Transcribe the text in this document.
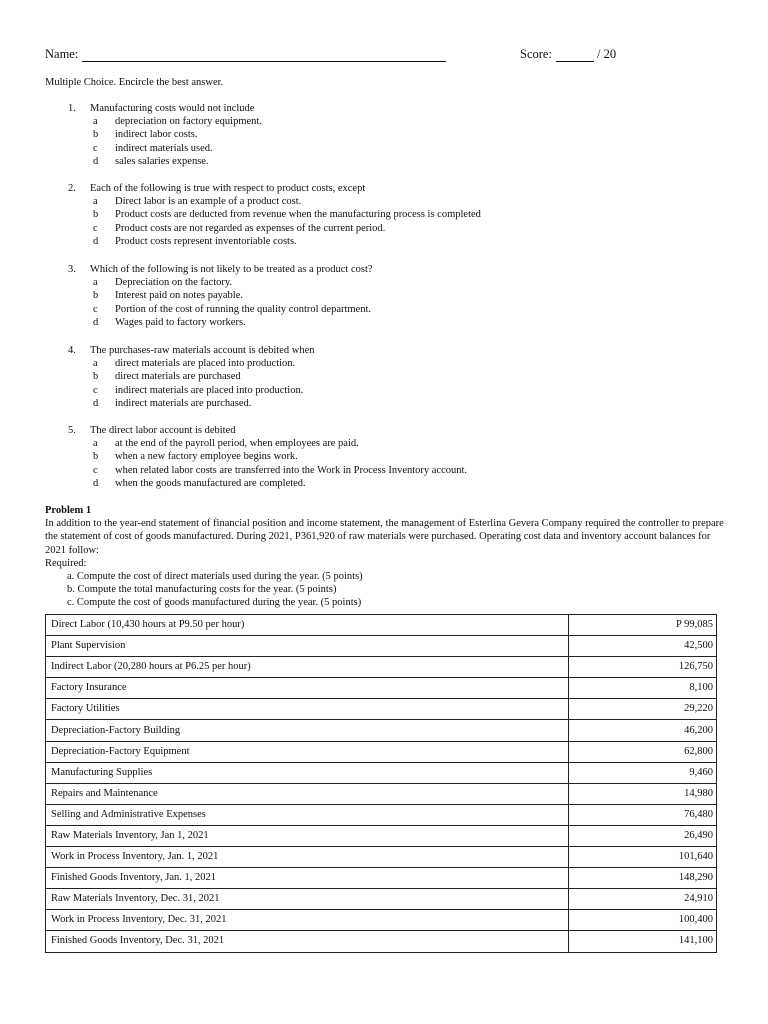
Name:	Score:	/ 20
Multiple Choice. Encircle the best answer.
1.	Manufacturing costs would not include
a	depreciation on factory equipment.
b	indirect labor costs.
c	indirect materials used.
d	sales salaries expense.
2.	Each of the following is true with respect to product costs, except
a	Direct labor is an example of a product cost.
b	Product costs are deducted from revenue when the manufacturing process is completed
c	Product costs are not regarded as expenses of the current period.
d	Product costs represent inventoriable costs.
3.	Which of the following is not likely to be treated as a product cost?
a	Depreciation on the factory.
b	Interest paid on notes payable.
c	Portion of the cost of running the quality control department.
d	Wages paid to factory workers.
4.	The purchases-raw materials account is debited when
a	direct materials are placed into production.
b	direct materials are purchased
c	indirect materials are placed into production.
d	indirect materials are purchased.
5.	The direct labor account is debited
a	at the end of the payroll period, when employees are paid.
b	when a new factory employee begins work.
c	when related labor costs are transferred into the Work in Process Inventory account.
d	when the goods manufactured are completed.
Problem 1
In addition to the year-end statement of financial position and income statement, the management of Esterlina Gevera Company required the controller to prepare the statement of cost of goods manufactured. During 2021, P361,920 of raw materials were purchased. Operating cost data and inventory account balances for 2021 follow:
Required:
a. Compute the cost of direct materials used during the year. (5 points)
b. Compute the total manufacturing costs for the year. (5 points)
c. Compute the cost of goods manufactured during the year. (5 points)
Direct Labor (10,430 hours at P9.50 per hour)	P 99,085
Plant Supervision	42,500
Indirect Labor (20,280 hours at P6.25 per hour)	126,750
Factory Insurance	8,100
Factory Utilities	29,220
Depreciation-Factory Building	46,200
Depreciation-Factory Equipment	62,800
Manufacturing Supplies	9,460
Repairs and Maintenance	14,980
Selling and Administrative Expenses	76,480
Raw Materials Inventory, Jan 1, 2021	26,490
Work in Process Inventory, Jan. 1, 2021	101,640
Finished Goods Inventory, Jan. 1, 2021	148,290
Raw Materials Inventory, Dec. 31, 2021	24,910
Work in Process Inventory, Dec. 31, 2021	100,400
Finished Goods Inventory, Dec. 31, 2021	141,100
